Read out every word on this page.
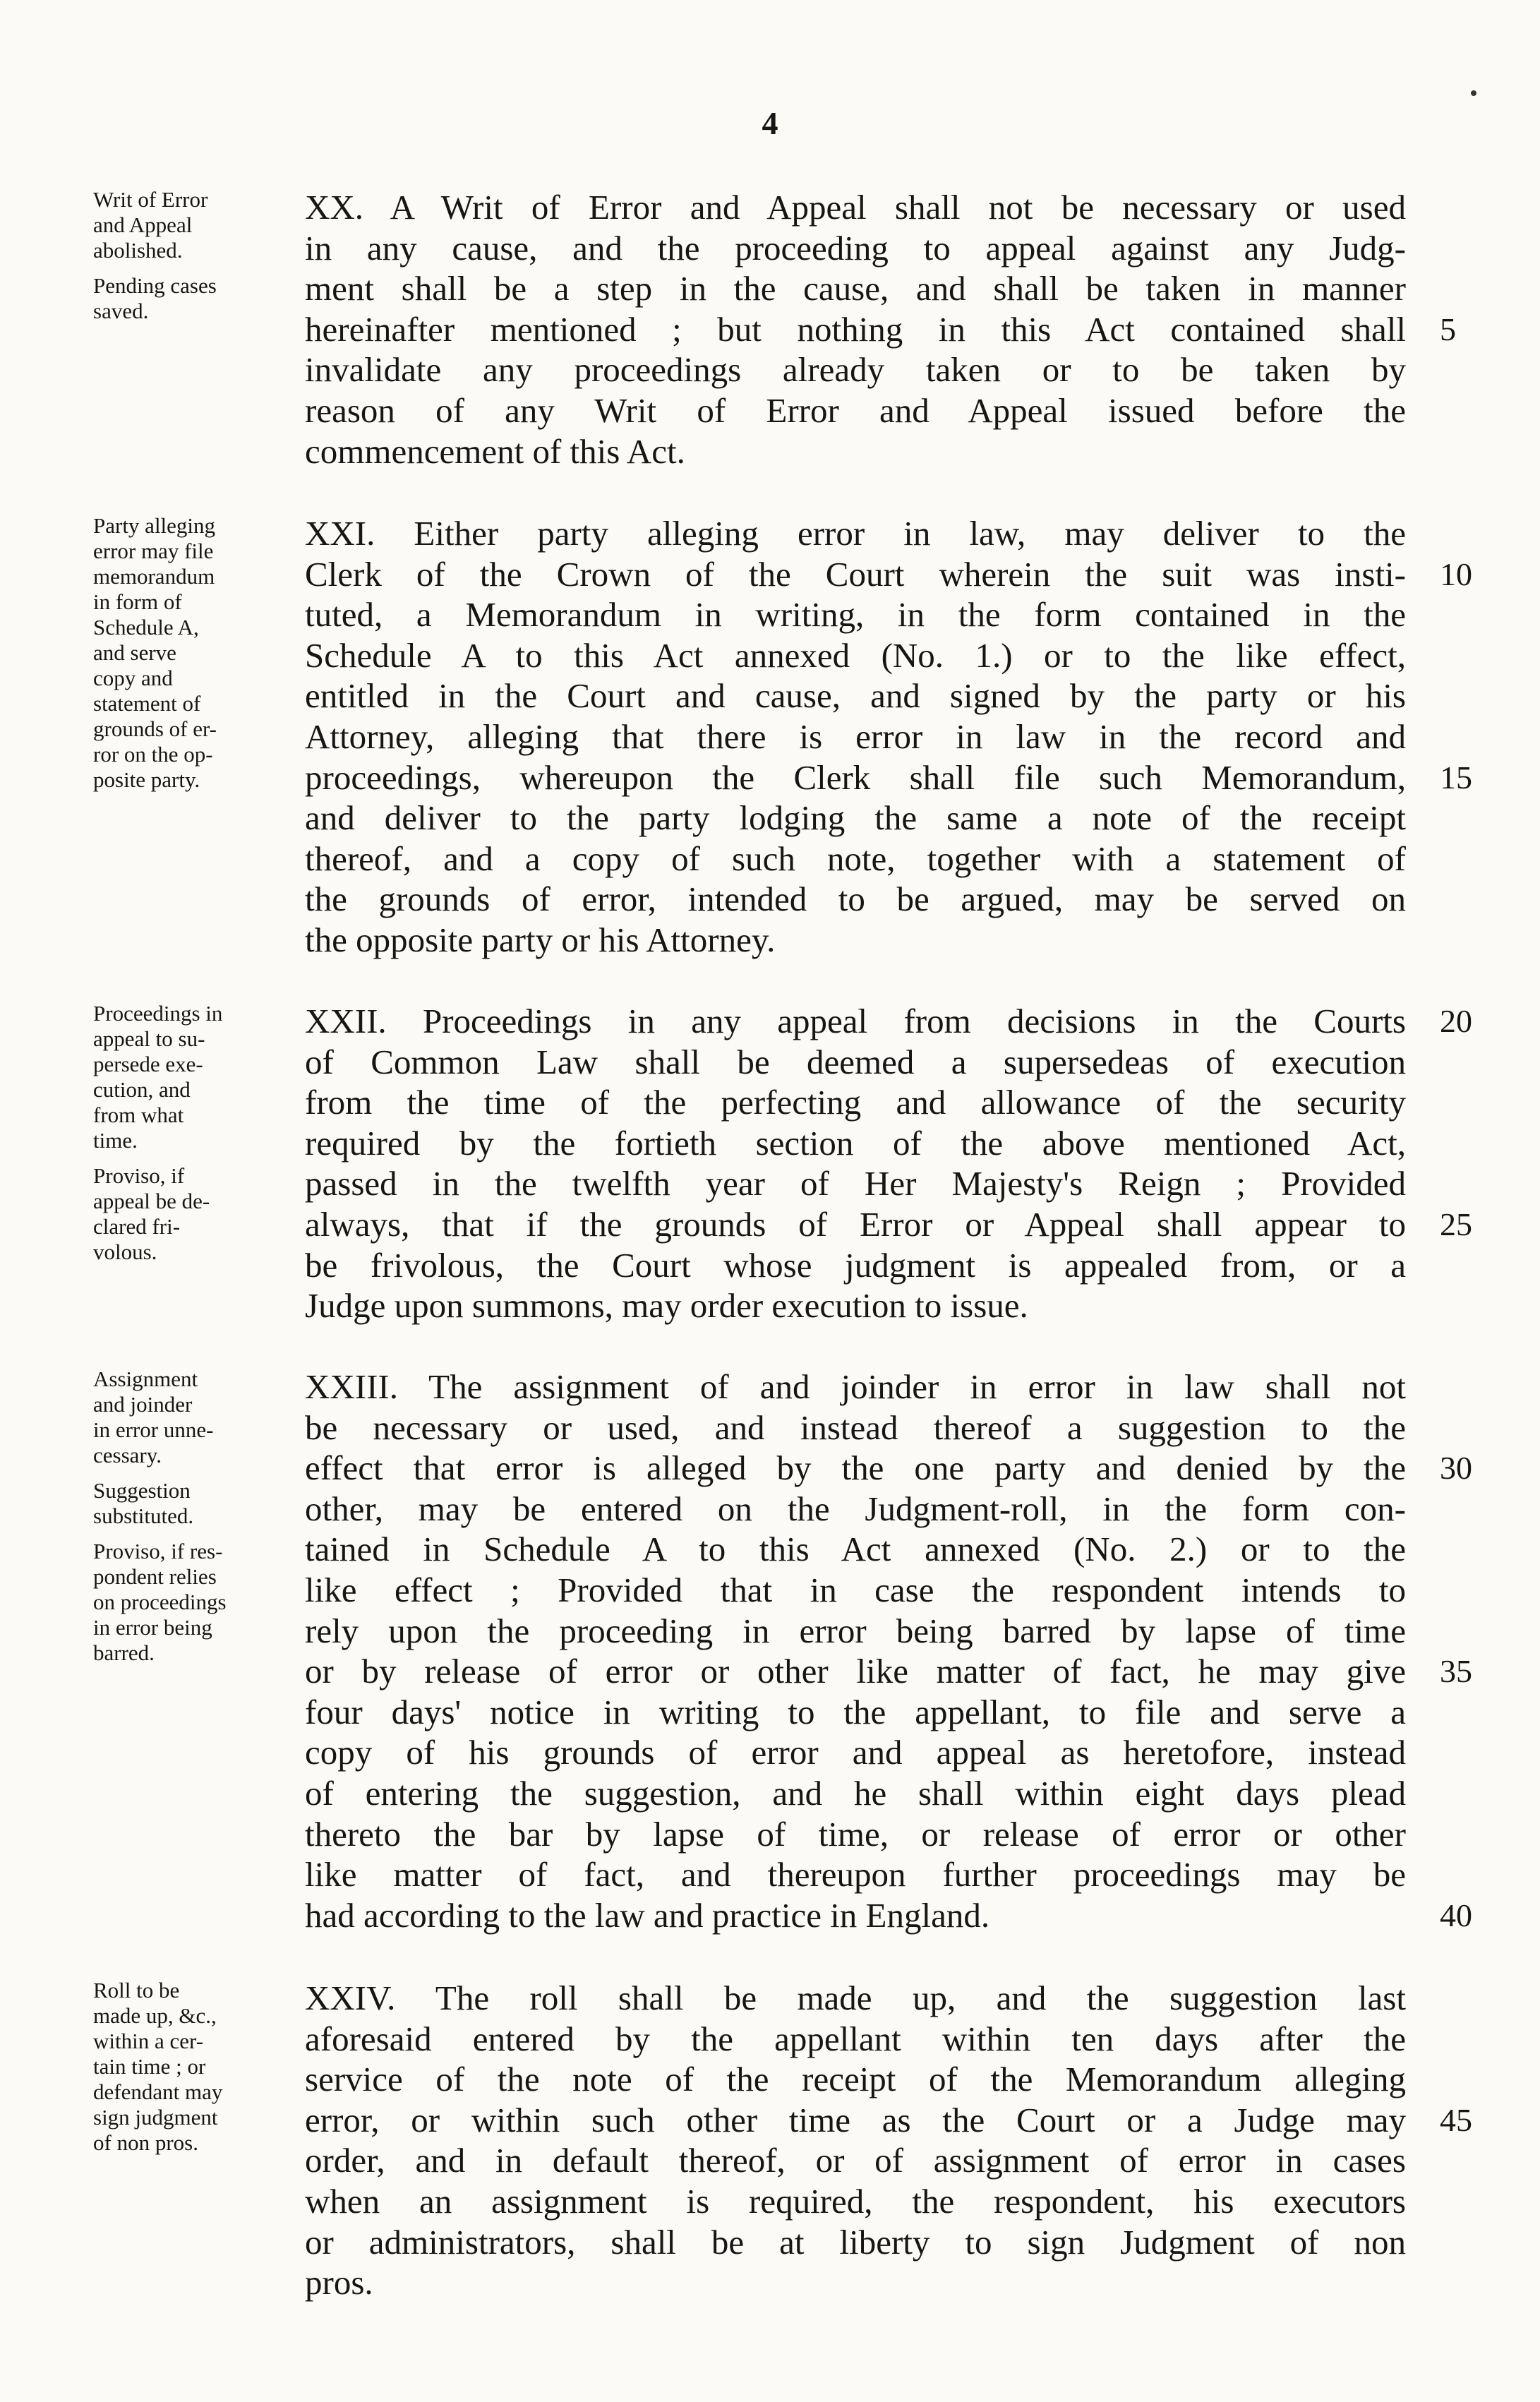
4
Writ of Error
and Appeal
abolished.
Pending cases
saved.
XX. A Writ of Error and Appeal shall not be necessary or used
in any cause, and the proceeding to appeal against any Judg-
ment shall be a step in the cause, and shall be taken in manner
hereinafter mentioned ; but nothing in this Act contained shall
invalidate any proceedings already taken or to be taken by
reason of any Writ of Error and Appeal issued before the
commencement of this Act.
5
Party alleging
error may file
memorandum
in form of
Schedule A,
and serve
copy and
statement of
grounds of er-
ror on the op-
posite party.
XXI. Either party alleging error in law, may deliver to the
Clerk of the Crown of the Court wherein the suit was insti-
tuted, a Memorandum in writing, in the form contained in the
Schedule A to this Act annexed (No. 1.) or to the like effect,
entitled in the Court and cause, and signed by the party or his
Attorney, alleging that there is error in law in the record and
proceedings, whereupon the Clerk shall file such Memorandum,
and deliver to the party lodging the same a note of the receipt
thereof, and a copy of such note, together with a statement of
the grounds of error, intended to be argued, may be served on
the opposite party or his Attorney.
10
15
Proceedings in
appeal to su-
persede exe-
cution, and
from what
time.
Proviso, if
appeal be de-
clared fri-
volous.
XXII. Proceedings in any appeal from decisions in the Courts
of Common Law shall be deemed a supersedeas of execution
from the time of the perfecting and allowance of the security
required by the fortieth section of the above mentioned Act,
passed in the twelfth year of Her Majesty's Reign ; Provided
always, that if the grounds of Error or Appeal shall appear to
be frivolous, the Court whose judgment is appealed from, or a
Judge upon summons, may order execution to issue.
20
25
Assignment
and joinder
in error unne-
cessary.
Suggestion
substituted.
Proviso, if res-
pondent relies
on proceedings
in error being
barred.
XXIII. The assignment of and joinder in error in law shall not
be necessary or used, and instead thereof a suggestion to the
effect that error is alleged by the one party and denied by the
other, may be entered on the Judgment-roll, in the form con-
tained in Schedule A to this Act annexed (No. 2.) or to the
like effect ; Provided that in case the respondent intends to
rely upon the proceeding in error being barred by lapse of time
or by release of error or other like matter of fact, he may give
four days' notice in writing to the appellant, to file and serve a
copy of his grounds of error and appeal as heretofore, instead
of entering the suggestion, and he shall within eight days plead
thereto the bar by lapse of time, or release of error or other
like matter of fact, and thereupon further proceedings may be
had according to the law and practice in England.
30
35
40
Roll to be
made up, &c.,
within a cer-
tain time ; or
defendant may
sign judgment
of non pros.
XXIV. The roll shall be made up, and the suggestion last
aforesaid entered by the appellant within ten days after the
service of the note of the receipt of the Memorandum alleging
error, or within such other time as the Court or a Judge may
order, and in default thereof, or of assignment of error in cases
when an assignment is required, the respondent, his executors
or administrators, shall be at liberty to sign Judgment of non
pros.
45
